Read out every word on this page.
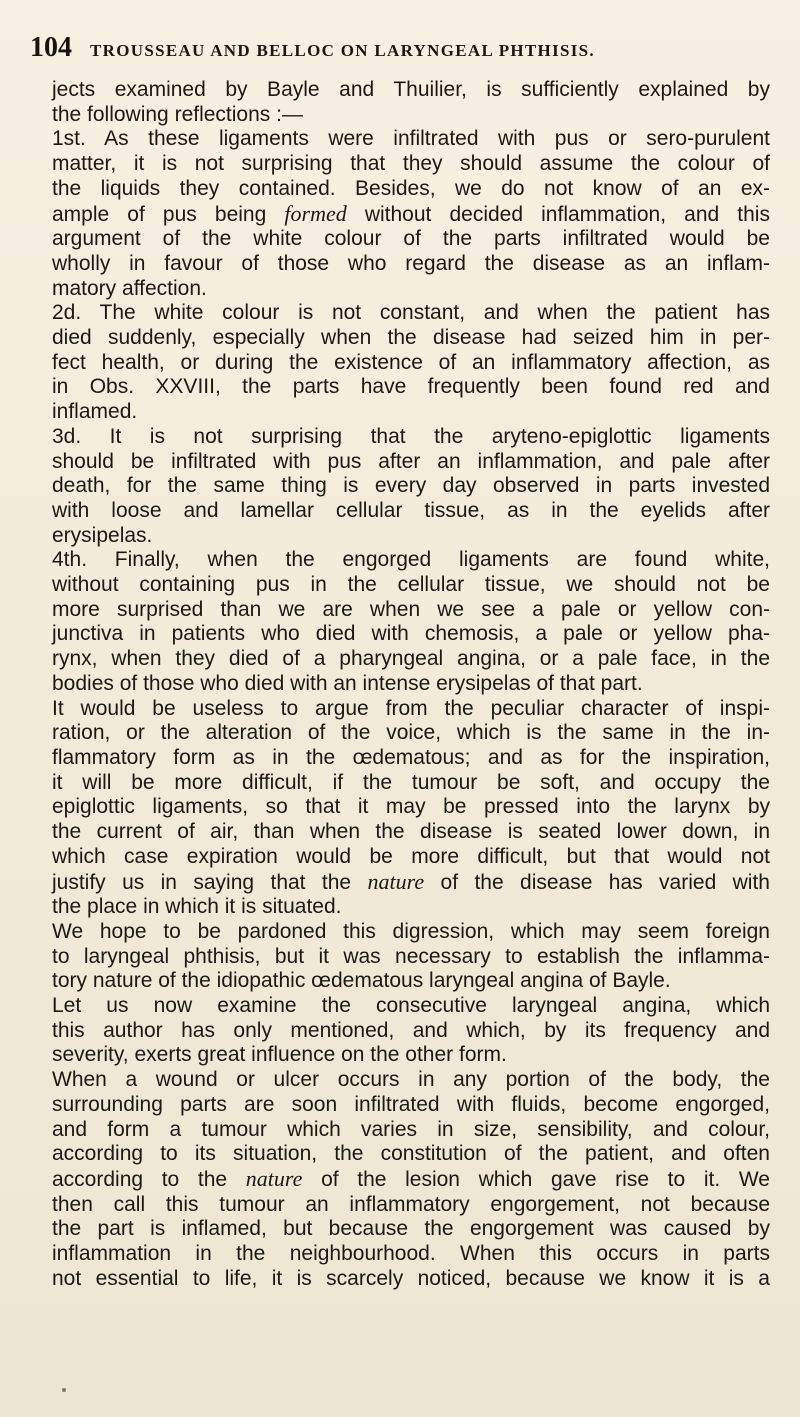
104 TROUSSEAU AND BELLOC ON LARYNGEAL PHTHISIS.
jects examined by Bayle and Thuilier, is sufficiently explained by
the following reflections :—
1st. As these ligaments were infiltrated with pus or sero-purulent
matter, it is not surprising that they should assume the colour of
the liquids they contained. Besides, we do not know of an ex-
ample of pus being formed without decided inflammation, and this
argument of the white colour of the parts infiltrated would be
wholly in favour of those who regard the disease as an inflam-
matory affection.
2d. The white colour is not constant, and when the patient has
died suddenly, especially when the disease had seized him in per-
fect health, or during the existence of an inflammatory affection, as
in Obs. XXVIII, the parts have frequently been found red and
inflamed.
3d. It is not surprising that the aryteno-epiglottic ligaments
should be infiltrated with pus after an inflammation, and pale after
death, for the same thing is every day observed in parts invested
with loose and lamellar cellular tissue, as in the eyelids after
erysipelas.
4th. Finally, when the engorged ligaments are found white,
without containing pus in the cellular tissue, we should not be
more surprised than we are when we see a pale or yellow con-
junctiva in patients who died with chemosis, a pale or yellow pha-
rynx, when they died of a pharyngeal angina, or a pale face, in the
bodies of those who died with an intense erysipelas of that part.
It would be useless to argue from the peculiar character of inspi-
ration, or the alteration of the voice, which is the same in the in-
flammatory form as in the œdematous; and as for the inspiration,
it will be more difficult, if the tumour be soft, and occupy the
epiglottic ligaments, so that it may be pressed into the larynx by
the current of air, than when the disease is seated lower down, in
which case expiration would be more difficult, but that would not
justify us in saying that the nature of the disease has varied with
the place in which it is situated.
We hope to be pardoned this digression, which may seem foreign
to laryngeal phthisis, but it was necessary to establish the inflamma-
tory nature of the idiopathic œdematous laryngeal angina of Bayle.
Let us now examine the consecutive laryngeal angina, which
this author has only mentioned, and which, by its frequency and
severity, exerts great influence on the other form.
When a wound or ulcer occurs in any portion of the body, the
surrounding parts are soon infiltrated with fluids, become engorged,
and form a tumour which varies in size, sensibility, and colour,
according to its situation, the constitution of the patient, and often
according to the nature of the lesion which gave rise to it. We
then call this tumour an inflammatory engorgement, not because
the part is inflamed, but because the engorgement was caused by
inflammation in the neighbourhood. When this occurs in parts
not essential to life, it is scarcely noticed, because we know it is a
